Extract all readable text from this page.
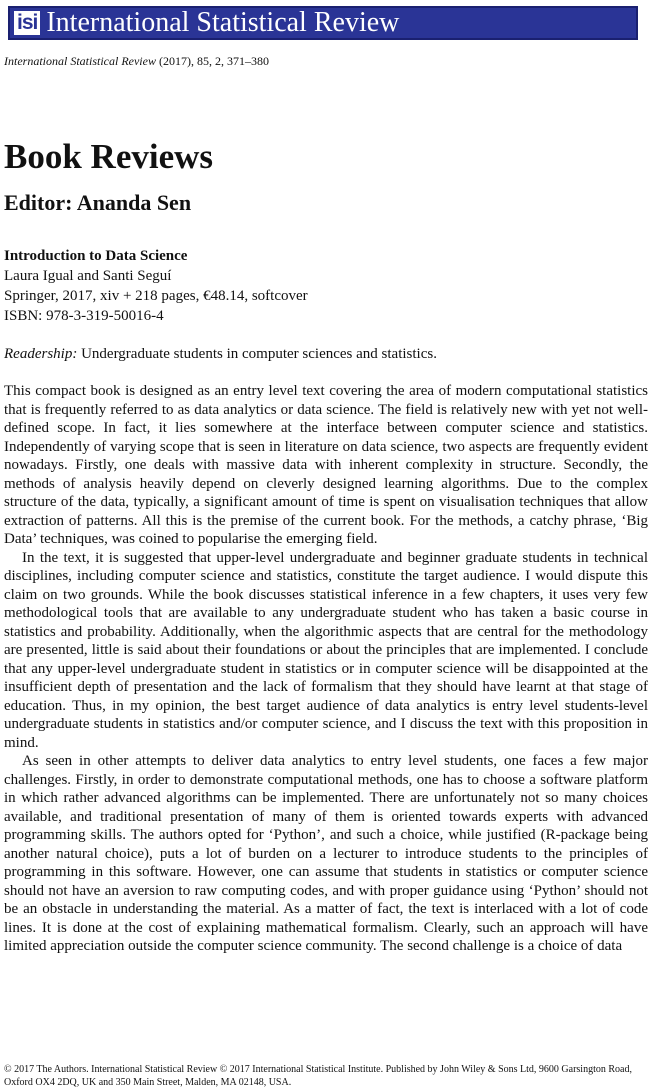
isi International Statistical Review
International Statistical Review (2017), 85, 2, 371–380
Book Reviews
Editor: Ananda Sen
Introduction to Data Science
Laura Igual and Santi Seguí
Springer, 2017, xiv + 218 pages, €48.14, softcover
ISBN: 978-3-319-50016-4
Readership: Undergraduate students in computer sciences and statistics.

This compact book is designed as an entry level text covering the area of modern computational statistics that is frequently referred to as data analytics or data science. The field is relatively new with yet not well-defined scope. In fact, it lies somewhere at the interface between computer science and statistics. Independently of varying scope that is seen in literature on data science, two aspects are frequently evident nowadays. Firstly, one deals with massive data with inherent complexity in structure. Secondly, the methods of analysis heavily depend on cleverly designed learning algorithms. Due to the complex structure of the data, typically, a significant amount of time is spent on visualisation techniques that allow extraction of patterns. All this is the premise of the current book. For the methods, a catchy phrase, ‘Big Data’ techniques, was coined to popularise the emerging field.

In the text, it is suggested that upper-level undergraduate and beginner graduate students in technical disciplines, including computer science and statistics, constitute the target audience. I would dispute this claim on two grounds. While the book discusses statistical inference in a few chapters, it uses very few methodological tools that are available to any undergraduate student who has taken a basic course in statistics and probability. Additionally, when the algorithmic aspects that are central for the methodology are presented, little is said about their foundations or about the principles that are implemented. I conclude that any upper-level undergraduate student in statistics or in computer science will be disappointed at the insufficient depth of presentation and the lack of formalism that they should have learnt at that stage of education. Thus, in my opinion, the best target audience of data analytics is entry level students-level undergraduate students in statistics and/or computer science, and I discuss the text with this proposition in mind.

As seen in other attempts to deliver data analytics to entry level students, one faces a few major challenges. Firstly, in order to demonstrate computational methods, one has to choose a software platform in which rather advanced algorithms can be implemented. There are unfortunately not so many choices available, and traditional presentation of many of them is oriented towards experts with advanced programming skills. The authors opted for ‘Python’, and such a choice, while justified (R-package being another natural choice), puts a lot of burden on a lecturer to introduce students to the principles of programming in this software. However, one can assume that students in statistics or computer science should not have an aversion to raw computing codes, and with proper guidance using ‘Python’ should not be an obstacle in understanding the material. As a matter of fact, the text is interlaced with a lot of code lines. It is done at the cost of explaining mathematical formalism. Clearly, such an approach will have limited appreciation outside the computer science community. The second challenge is a choice of data

© 2017 The Authors. International Statistical Review © 2017 International Statistical Institute. Published by John Wiley & Sons Ltd, 9600 Garsington Road, Oxford OX4 2DQ, UK and 350 Main Street, Malden, MA 02148, USA.
